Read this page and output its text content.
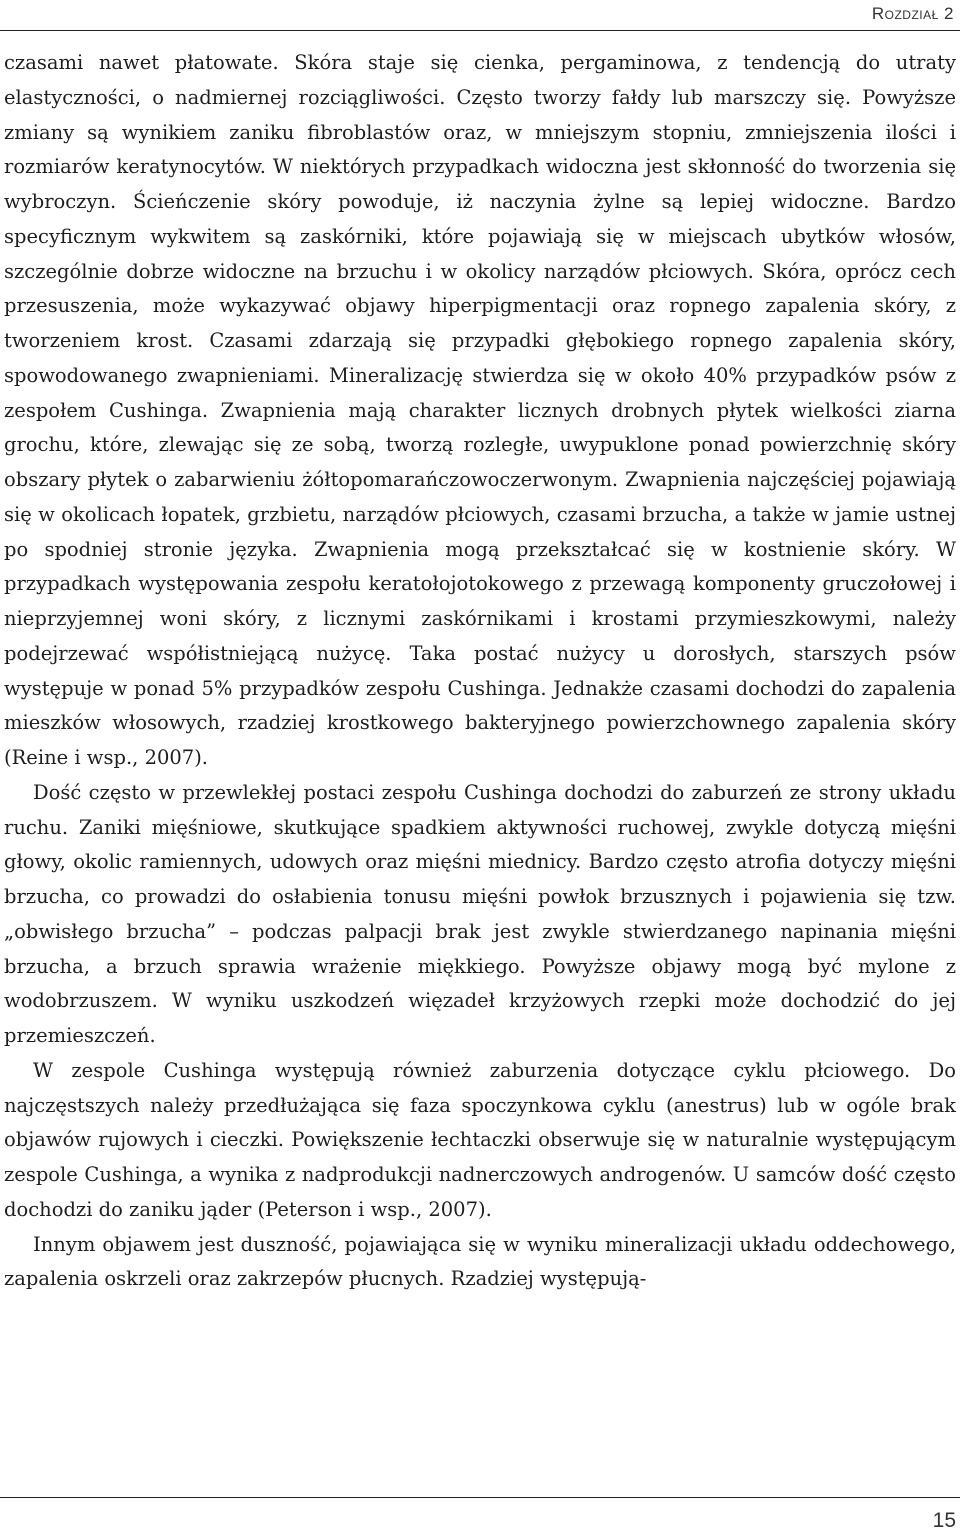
Rozdział 2

czasami nawet płatowate. Skóra staje się cienka, pergaminowa, z tendencją do utraty elastyczności, o nadmiernej rozciągliwości. Często tworzy fałdy lub marszczy się. Powyższe zmiany są wynikiem zaniku fibroblastów oraz, w mniejszym stopniu, zmniejszenia ilości i rozmiarów keratynocytów. W niektórych przypadkach widoczna jest skłonność do tworzenia się wybroczyn. Ścieńczenie skóry powoduje, iż naczynia żylne są lepiej widoczne. Bardzo specyficznym wykwitem są zaskórniki, które pojawiają się w miejscach ubytków włosów, szczególnie dobrze widoczne na brzuchu i w okolicy narządów płciowych. Skóra, oprócz cech przesuszenia, może wykazywać objawy hiperpigmentacji oraz ropnego zapalenia skóry, z tworzeniem krost. Czasami zdarzają się przypadki głębokiego ropnego zapalenia skóry, spowodowanego zwapnieniami. Mineralizację stwierdza się w około 40% przypadków psów z zespołem Cushinga. Zwapnienia mają charakter licznych drobnych płytek wielkości ziarna grochu, które, zlewając się ze sobą, tworzą rozległe, uwypuklone ponad powierzchnię skóry obszary płytek o zabarwieniu żółtopomarańczowoczerwonym. Zwapnienia najczęściej pojawiają się w okolicach łopatek, grzbietu, narządów płciowych, czasami brzucha, a także w jamie ustnej po spodniej stronie języka. Zwapnienia mogą przekształcać się w kostnienie skóry. W przypadkach występowania zespołu keratołojotokowego z przewagą komponenty gruczołowej i nieprzyjemnej woni skóry, z licznymi zaskórnikami i krostami przymieszkowymi, należy podejrzewać współistniejącą nużycę. Taka postać nużycy u dorosłych, starszych psów występuje w ponad 5% przypadków zespołu Cushinga. Jednakże czasami dochodzi do zapalenia mieszków włosowych, rzadziej krostkowego bakteryjnego powierzchownego zapalenia skóry (Reine i wsp., 2007).

Dość często w przewlekłej postaci zespołu Cushinga dochodzi do zaburzeń ze strony układu ruchu. Zaniki mięśniowe, skutkujące spadkiem aktywności ruchowej, zwykle dotyczą mięśni głowy, okolic ramiennych, udowych oraz mięśni miednicy. Bardzo często atrofia dotyczy mięśni brzucha, co prowadzi do osłabienia tonusu mięśni powłok brzusznych i pojawienia się tzw. „obwisłego brzucha” – podczas palpacji brak jest zwykle stwierdzanego napinania mięśni brzucha, a brzuch sprawia wrażenie miękkiego. Powyższe objawy mogą być mylone z wodobrzuszem. W wyniku uszkodzeń więzadeł krzyżowych rzepki może dochodzić do jej przemieszczeń.

W zespole Cushinga występują również zaburzenia dotyczące cyklu płciowego. Do najczęstszych należy przedłużająca się faza spoczynkowa cyklu (anestrus) lub w ogóle brak objawów rujowych i cieczki. Powiększenie łechtaczki obserwuje się w naturalnie występującym zespole Cushinga, a wynika z nadprodukcji nadnerczowych androgenów. U samców dość często dochodzi do zaniku jąder (Peterson i wsp., 2007).

Innym objawem jest duszność, pojawiająca się w wyniku mineralizacji układu oddechowego, zapalenia oskrzeli oraz zakrzepów płucnych. Rzadziej występują-

15
